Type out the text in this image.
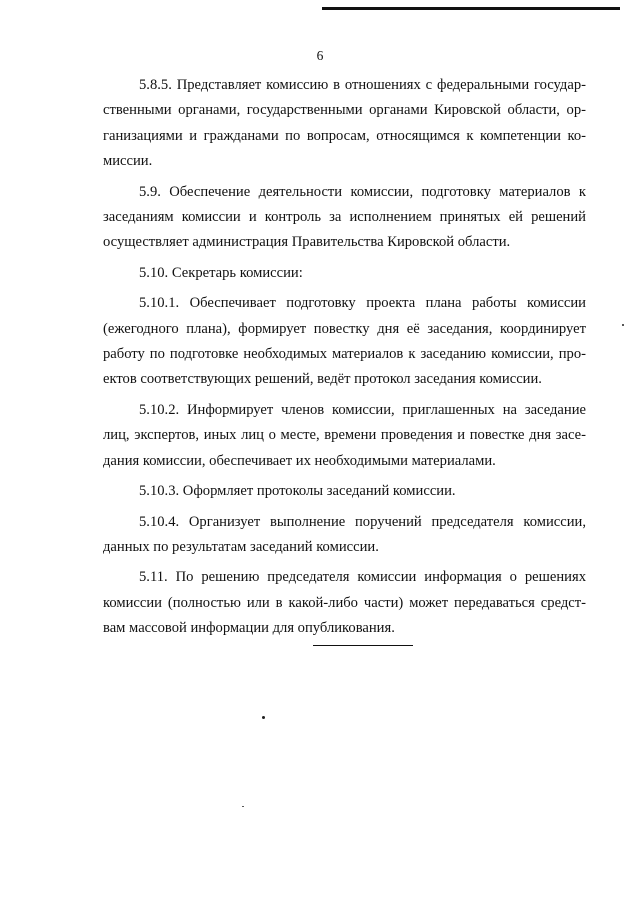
6

5.8.5. Представляет комиссию в отношениях с федеральными государ-
ственными органами, государственными органами Кировской области, ор-
ганизациями и гражданами по вопросам, относящимся к компетенции ко-
миссии.

5.9. Обеспечение деятельности комиссии, подготовку материалов к
заседаниям комиссии и контроль за исполнением принятых ей решений
осуществляет администрация Правительства Кировской области.

5.10. Секретарь комиссии:

5.10.1. Обеспечивает подготовку проекта плана работы комиссии
(ежегодного плана), формирует повестку дня её заседания, координирует
работу по подготовке необходимых материалов к заседанию комиссии, про-
ектов соответствующих решений, ведёт протокол заседания комиссии.

5.10.2. Информирует членов комиссии, приглашенных на заседание
лиц, экспертов, иных лиц о месте, времени проведения и повестке дня засе-
дания комиссии, обеспечивает их необходимыми материалами.

5.10.3. Оформляет протоколы заседаний комиссии.

5.10.4. Организует выполнение поручений председателя комиссии,
данных по результатам заседаний комиссии.

5.11. По решению председателя комиссии информация о решениях
комиссии (полностью или в какой-либо части) может передаваться средст-
вам массовой информации для опубликования.
